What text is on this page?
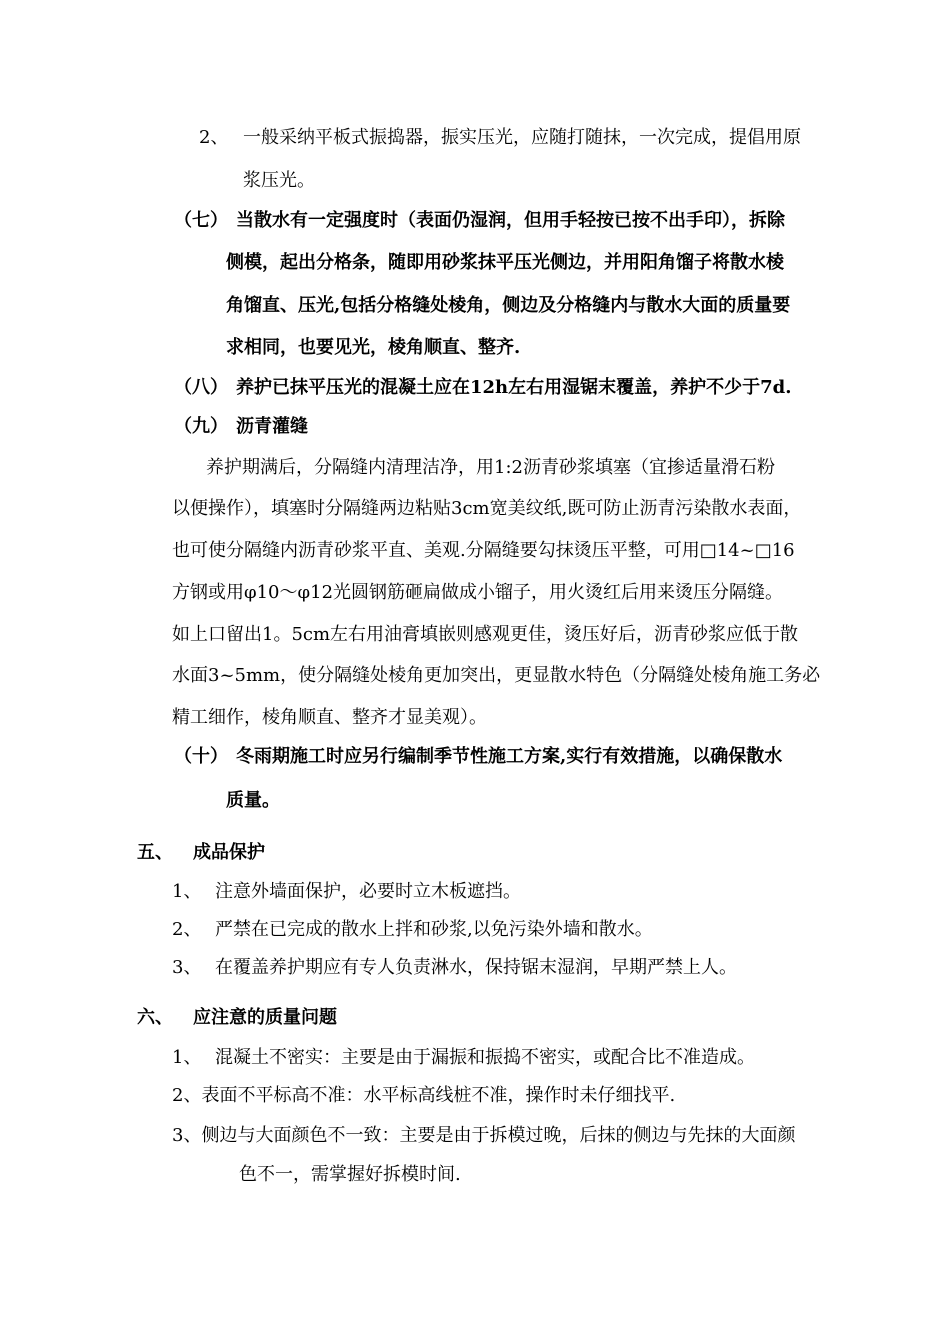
2、 一般采纳平板式振捣器，振实压光，应随打随抹，一次完成，提倡用原
浆压光。
（七） 当散水有一定强度时（表面仍湿润，但用手轻按已按不出手印），拆除
侧模，起出分格条，随即用砂浆抹平压光侧边，并用阳角馏子将散水棱
角馏直、压光,包括分格缝处棱角，侧边及分格缝内与散水大面的质量要
求相同，也要见光，棱角顺直、整齐.
（八） 养护已抹平压光的混凝土应在12h左右用湿锯末覆盖，养护不少于7d.
（九） 沥青灌缝
养护期满后，分隔缝内清理洁净，用1:2沥青砂浆填塞（宜掺适量滑石粉
以便操作），填塞时分隔缝两边粘贴3cm宽美纹纸,既可防止沥青污染散水表面，
也可使分隔缝内沥青砂浆平直、美观.分隔缝要勾抹烫压平整，可用□14~□16
方钢或用φ10～φ12光圆钢筋砸扁做成小镏子，用火烫红后用来烫压分隔缝。
如上口留出1。5cm左右用油膏填嵌则感观更佳，烫压好后，沥青砂浆应低于散
水面3~5mm，使分隔缝处棱角更加突出，更显散水特色（分隔缝处棱角施工务必
精工细作，棱角顺直、整齐才显美观）。
（十） 冬雨期施工时应另行编制季节性施工方案,实行有效措施，以确保散水
质量。
五、 成品保护
1、 注意外墙面保护，必要时立木板遮挡。
2、 严禁在已完成的散水上拌和砂浆,以免污染外墙和散水。
3、 在覆盖养护期应有专人负责淋水，保持锯末湿润，早期严禁上人。
六、 应注意的质量问题
1、 混凝土不密实：主要是由于漏振和振捣不密实，或配合比不准造成。
2、表面不平标高不准：水平标高线桩不准，操作时未仔细找平.
3、侧边与大面颜色不一致：主要是由于拆模过晚，后抹的侧边与先抹的大面颜
色不一，需掌握好拆模时间.
